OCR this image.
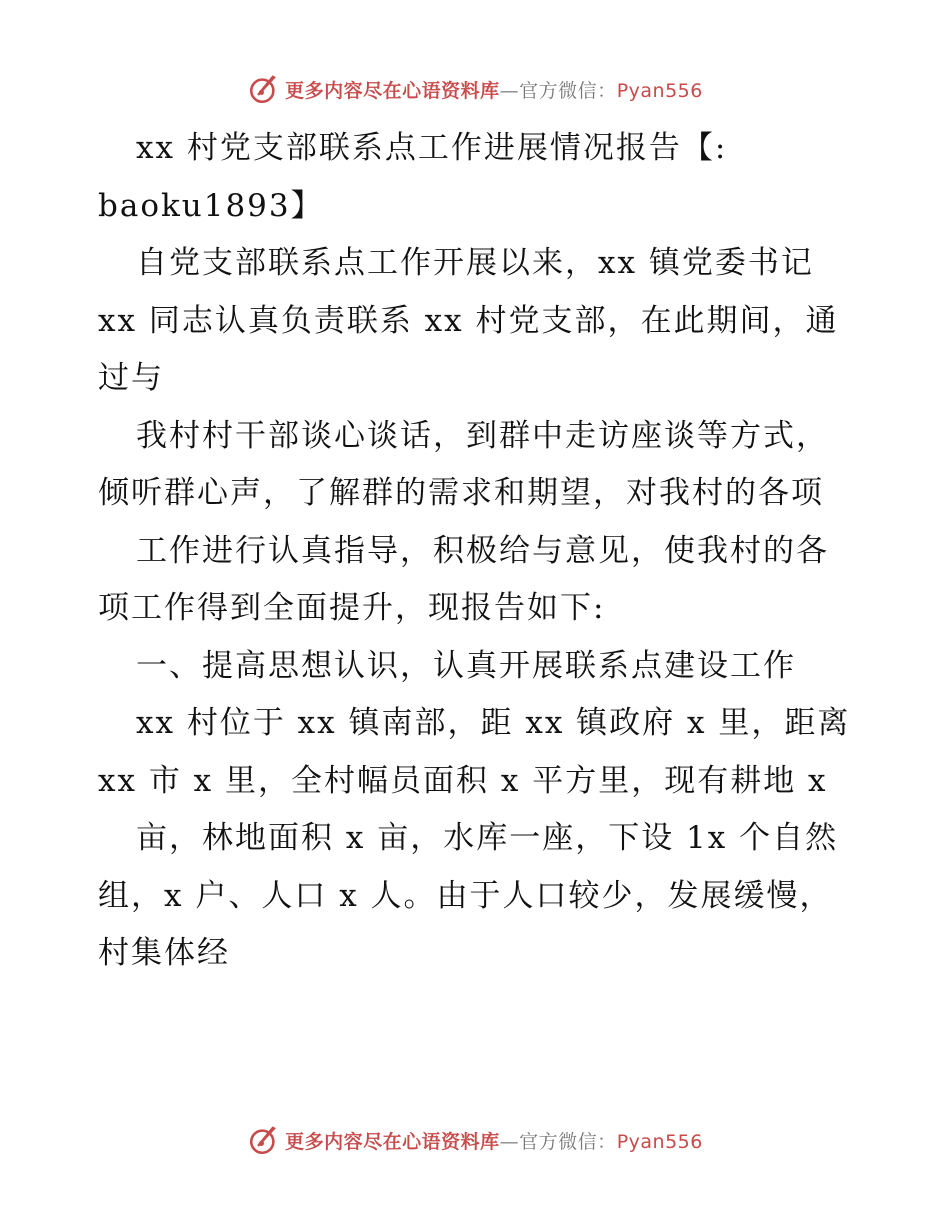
更多内容尽在心语资料库—官方微信：Pyan556

xx 村党支部联系点工作进展情况报告【: baoku1893】

自党支部联系点工作开展以来，xx 镇党委书记 xx 同志认真负责联系 xx 村党支部，在此期间，通过与

我村村干部谈心谈话，到群中走访座谈等方式，倾听群心声，了解群的需求和期望，对我村的各项

工作进行认真指导，积极给与意见，使我村的各项工作得到全面提升，现报告如下:

一、提高思想认识，认真开展联系点建设工作

xx 村位于 xx 镇南部，距 xx 镇政府 x 里，距离 xx 市 x 里，全村幅员面积 x 平方里，现有耕地 x

亩，林地面积 x 亩，水库一座，下设 1x 个自然组，x 户、人口 x 人。由于人口较少，发展缓慢，村集体经

更多内容尽在心语资料库—官方微信：Pyan556
